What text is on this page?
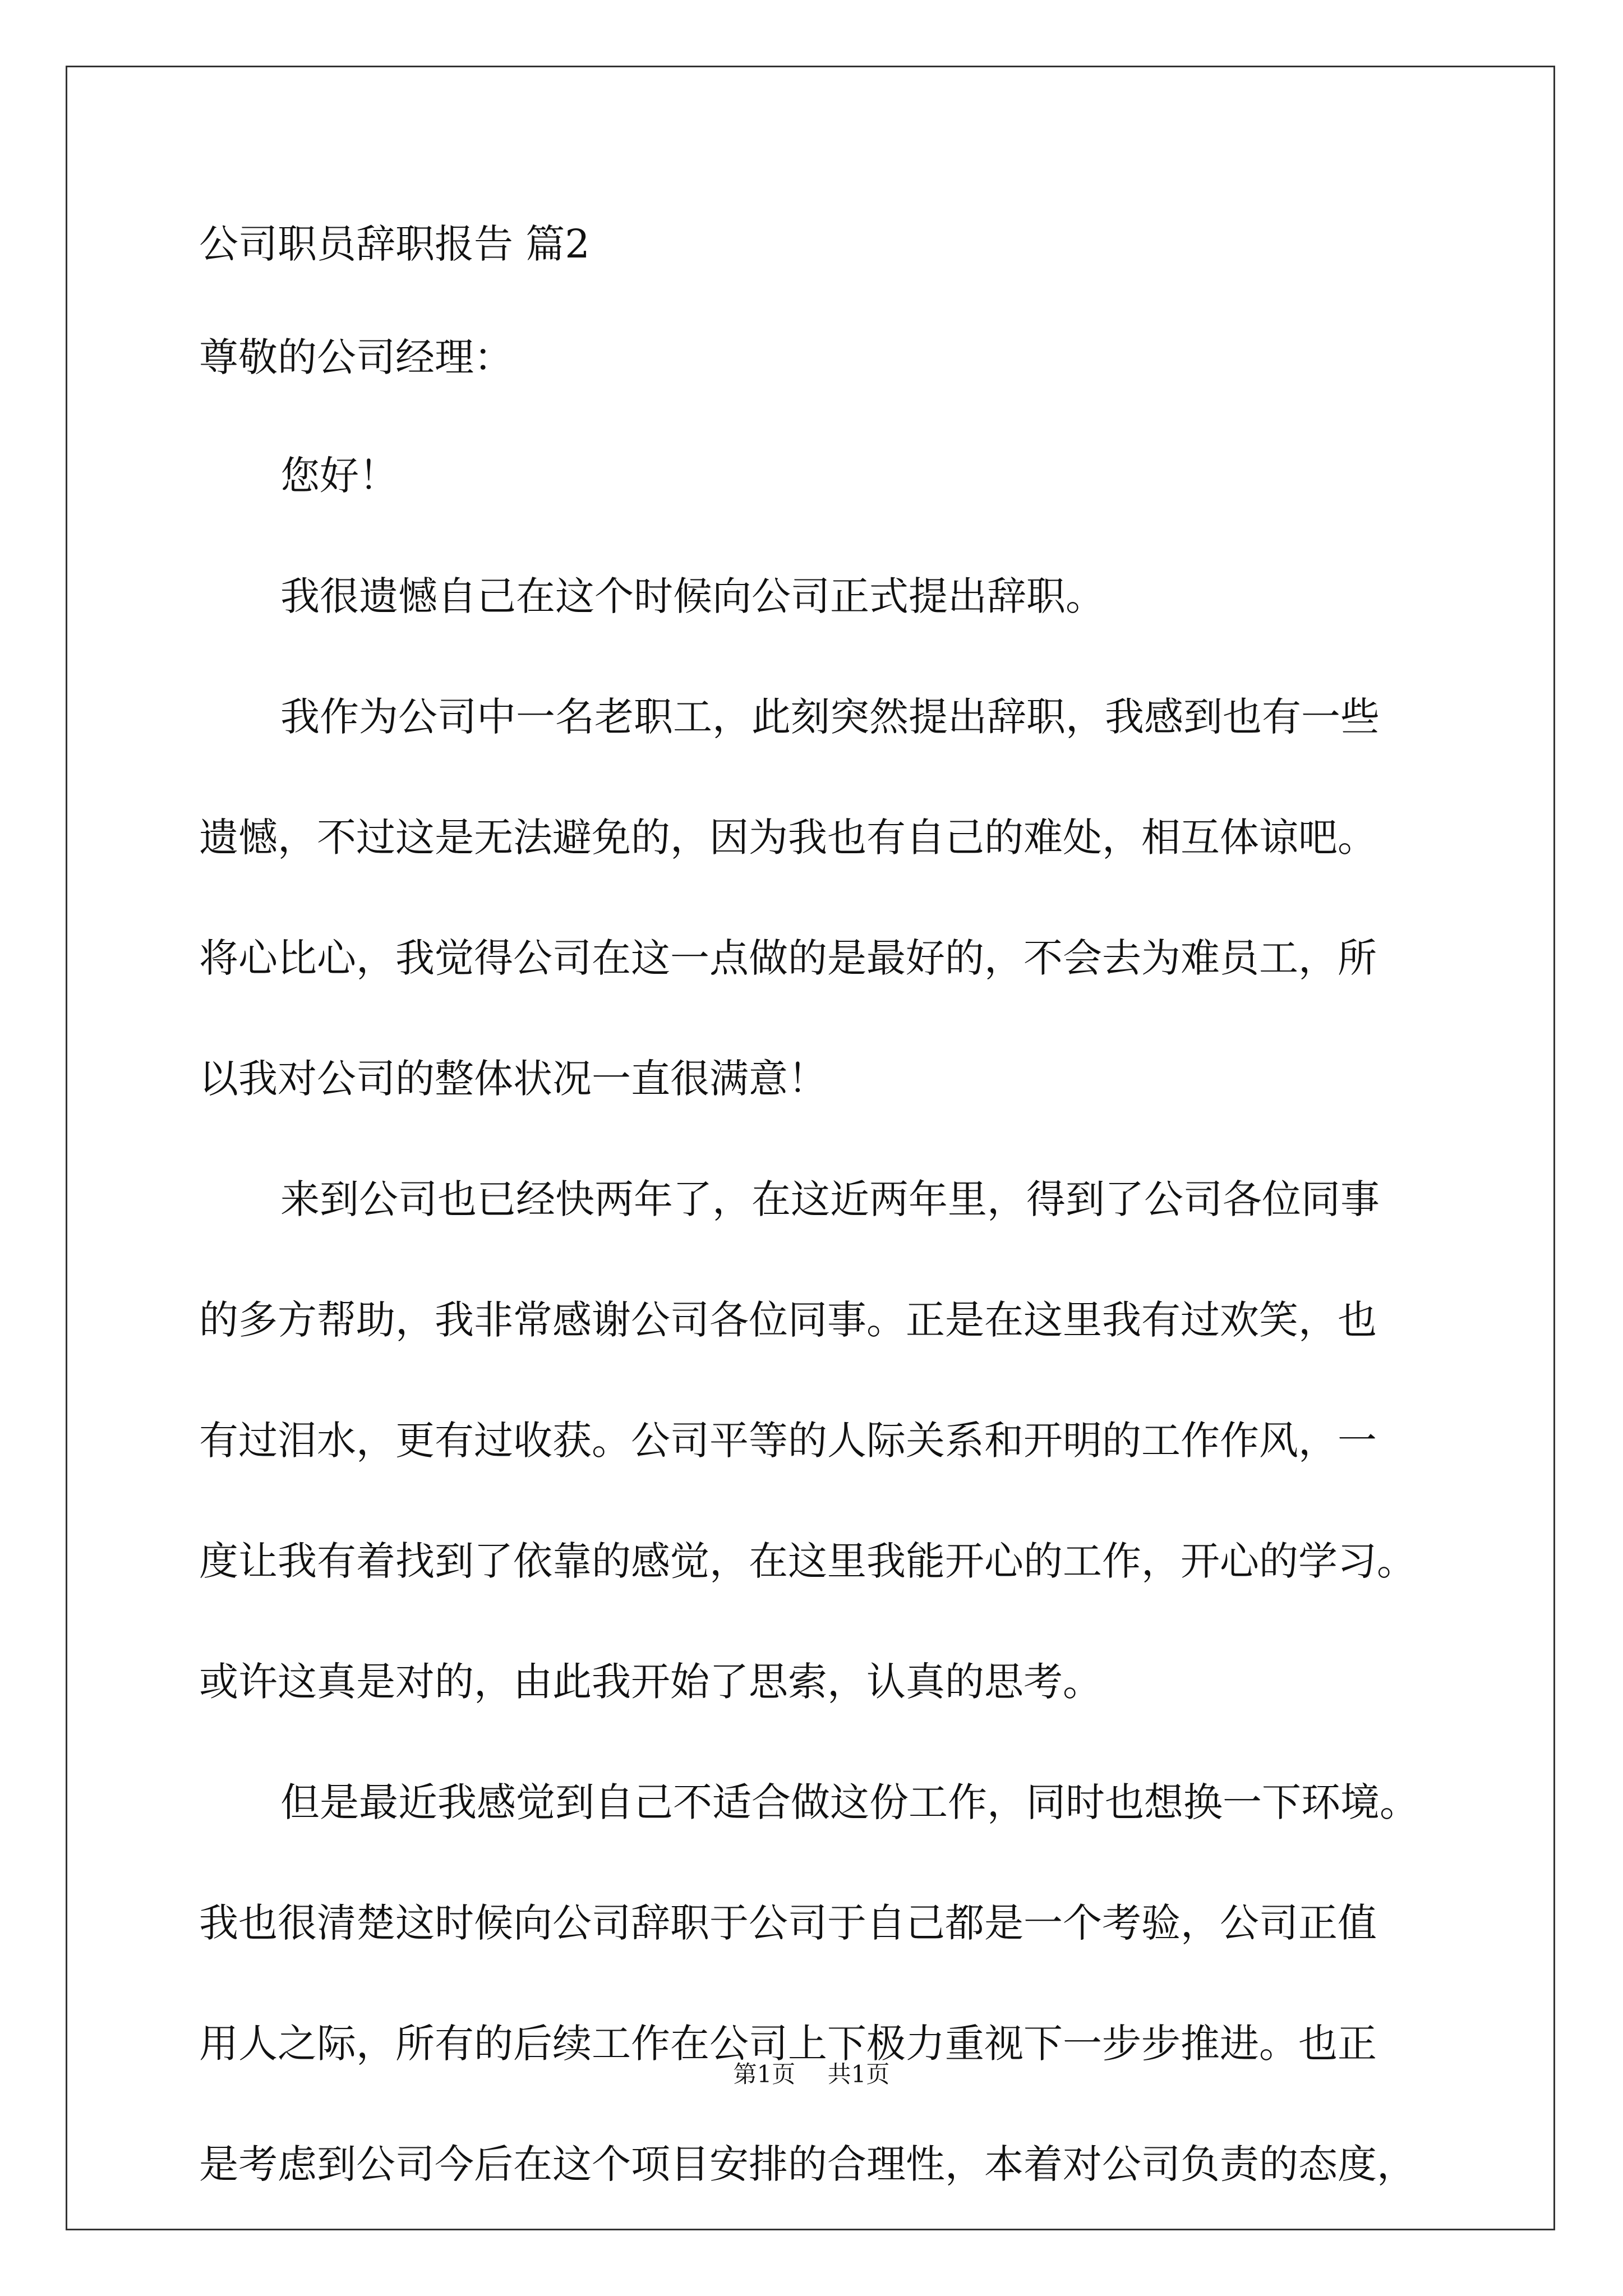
公司职员辞职报告 篇2
尊敬的公司经理：
您好！
我很遗憾自己在这个时候向公司正式提出辞职。
我作为公司中一名老职工，此刻突然提出辞职，我感到也有一些
遗憾，不过这是无法避免的，因为我也有自己的难处，相互体谅吧。
将心比心，我觉得公司在这一点做的是最好的，不会去为难员工，所
以我对公司的整体状况一直很满意！
来到公司也已经快两年了，在这近两年里，得到了公司各位同事
的多方帮助，我非常感谢公司各位同事。正是在这里我有过欢笑，也
有过泪水，更有过收获。公司平等的人际关系和开明的工作作风，一
度让我有着找到了依靠的感觉，在这里我能开心的工作，开心的学习。
或许这真是对的，由此我开始了思索，认真的思考。
但是最近我感觉到自己不适合做这份工作，同时也想换一下环境。
我也很清楚这时候向公司辞职于公司于自己都是一个考验，公司正值
用人之际，所有的后续工作在公司上下极力重视下一步步推进。也正
是考虑到公司今后在这个项目安排的合理性，本着对公司负责的态度，
第1页 共1页
